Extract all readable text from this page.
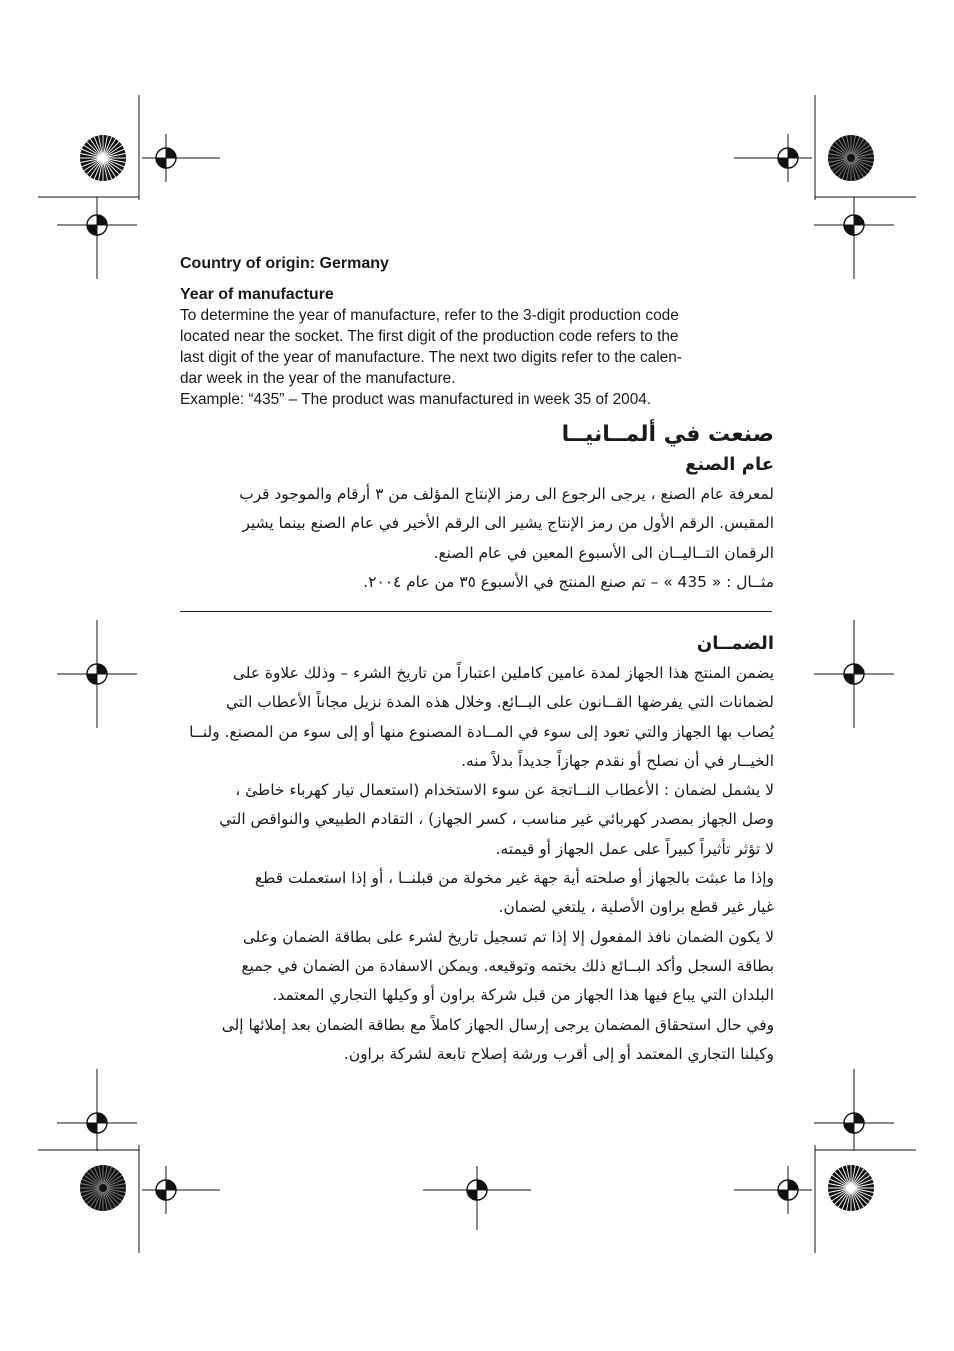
Country of origin: Germany
Year of manufacture

To determine the year of manufacture, refer to the 3-digit production code

located near the socket. The first digit of the production code refers to the

last digit of the year of manufacture. The next two digits refer to the calen-

dar week in the year of the manufacture.

Example: “435” – The product was manufactured in week 35 of 2004.

صنعت في ألمــانيــا
عام الصنع

لمعرفة عام الصنع ، يرجى الرجوع الى رمز الإنتاج المؤلف من ٣ أرقام والموجود قرب

المقبس. الرقم الأول من رمز الإنتاج يشير الى الرقم الأخير في عام الصنع بينما يشير

الرقمان التــاليــان الى الأسبوع المعين في عام الصنع.

مثــال : « 435 » – تم صنع المنتج في الأسبوع ٣٥ من عام ٢٠٠٤.

الضمــان

يضمن المنتج هذا الجهاز لمدة عامين كاملين اعتباراً من تاريخ الشرء – وذلك علاوة على

لضمانات التي يفرضها القــانون على البــائع. وخلال هذه المدة نزيل مجاناً الأعطاب التي

يُصاب بها الجهاز والتي تعود إلى سوء في المــادة المصنوع منها أو إلى سوء من المصنع. ولنــا

الخيــار في أن نصلح أو نقدم جهازاً جديداً بدلاً منه.

لا يشمل لضمان : الأعطاب النــاتجة عن سوء الاستخدام (استعمال تيار كهرباء خاطئ ،

وصل الجهاز بمصدر كهربائي غير مناسب ، كسر الجهاز) ، التقادم الطبيعي والنواقص التي

لا تؤثر تأثيراً كبيراً على عمل الجهاز أو قيمته.

وإذا ما عبثت بالجهاز أو صلحته أية جهة غير مخولة من قبلنــا ، أو إذا استعملت قطع

غيار غير قطع براون الأصلية ، يلتغي لضمان.

لا يكون الضمان نافذ المفعول إلا إذا تم تسجيل تاريخ لشرء على بطاقة الضمان وعلى

بطاقة السجل وأكد البــائع ذلك بختمه وتوقيعه. ويمكن الاسفادة من الضمان في جميع

البلدان التي يباع فيها هذا الجهاز من قبل شركة براون أو وكيلها التجاري المعتمد.

وفي حال استحقاق المضمان يرجى إرسال الجهاز كاملاً مع بطاقة الضمان بعد إملائها إلى

وكيلنا التجاري المعتمد أو إلى أقرب ورشة إصلاح تابعة لشركة براون.
